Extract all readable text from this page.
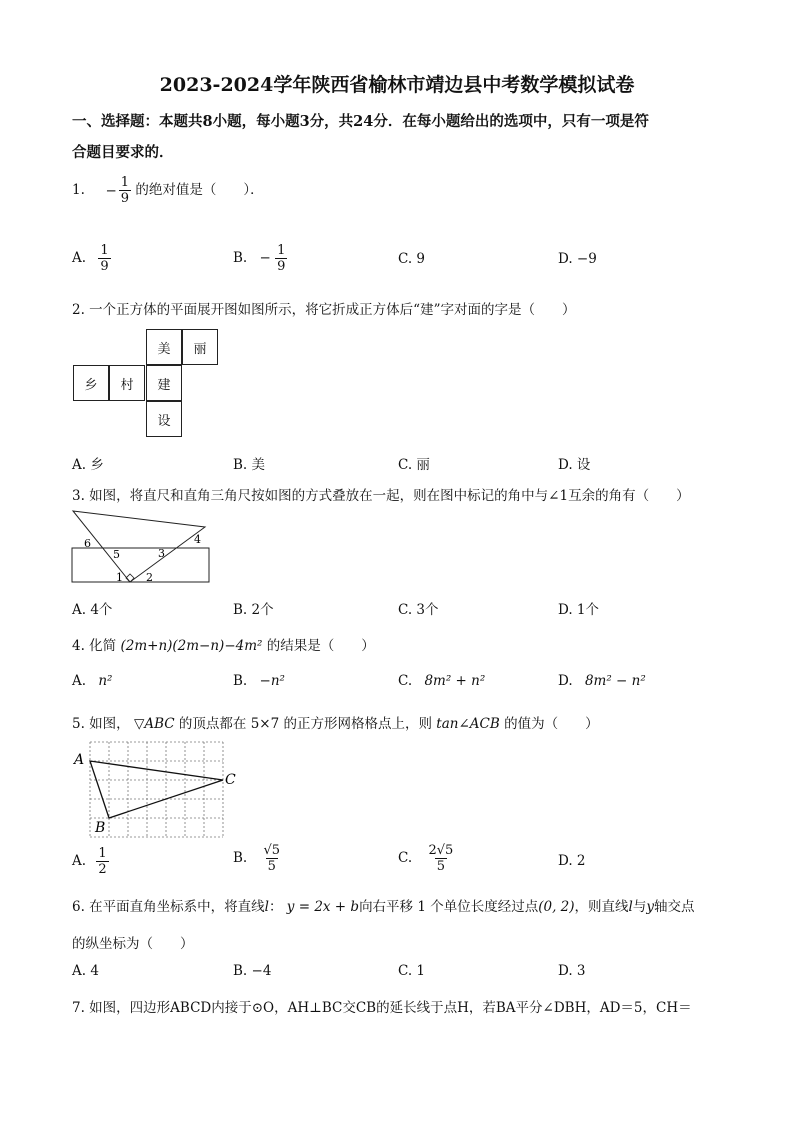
2023-2024学年陕西省榆林市靖边县中考数学模拟试卷
一、选择题：本题共8小题，每小题3分，共24分．在每小题给出的选项中，只有一项是符
合题目要求的．
1. − $\frac{1}{9}$ 的绝对值是（　　）．
A. $\frac{1}{9}$	B. − $\frac{1}{9}$	C. 9	D. −9
2. 一个正方体的平面展开图如图所示，将它折成正方体后“建”字对面的字是（　　）
美	丽
乡	村	建
设
A. 乡	B. 美	C. 丽	D. 设
3. 如图，将直尺和直角三角尺按如图的方式叠放在一起，则在图中标记的角中与∠1互余的角有（　　）
1 2
3
4
5
6
A. 4个	B. 2个	C. 3个	D. 1个
4. 化简 (2m+n)(2m−n)−4m² 的结果是（　　）
A. n²	B. −n²	C. 8m² + n²	D. 8m² − n²
5. 如图， ▽ABC 的顶点都在 5×7 的正方形网格格点上，则 tan∠ACB 的值为（　　）
A
B
C
A. $\frac{1}{2}$	B. $\frac{√5}{5}$	C. $\frac{2√5}{5}$	D. 2
6. 在平面直角坐标系中，将直线l： y = 2x + b向右平移 1 个单位长度经过点(0, 2)，则直线l与y轴交点
的纵坐标为（　　）
A. 4	B. −4	C. 1	D. 3
7. 如图，四边形ABCD内接于⊙O，AH⊥BC交CB的延长线于点H，若BA平分∠DBH，AD＝5，CH＝
